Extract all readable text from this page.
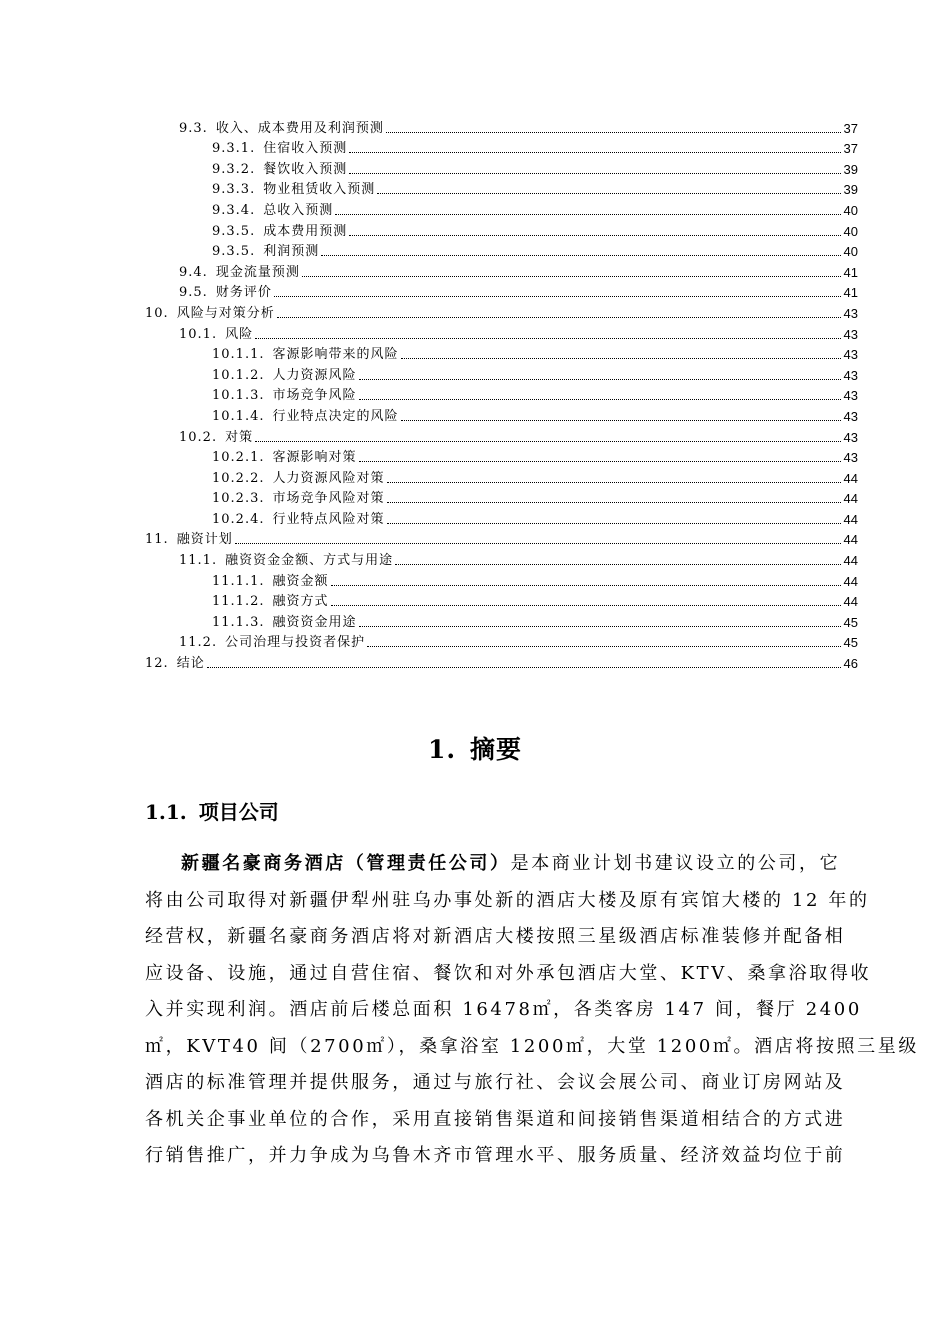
9.3. 收入、成本费用及利润预测	37
9.3.1. 住宿收入预测	37
9.3.2. 餐饮收入预测	39
9.3.3. 物业租赁收入预测	39
9.3.4. 总收入预测	40
9.3.5. 成本费用预测	40
9.3.5. 利润预测	40
9.4. 现金流量预测	41
9.5. 财务评价	41
10. 风险与对策分析	43
10.1. 风险	43
10.1.1. 客源影响带来的风险	43
10.1.2. 人力资源风险	43
10.1.3. 市场竞争风险	43
10.1.4. 行业特点决定的风险	43
10.2. 对策	43
10.2.1. 客源影响对策	43
10.2.2. 人力资源风险对策	44
10.2.3. 市场竞争风险对策	44
10.2.4. 行业特点风险对策	44
11. 融资计划	44
11.1. 融资资金金额、方式与用途	44
11.1.1. 融资金额	44
11.1.2. 融资方式	44
11.1.3. 融资资金用途	45
11.2. 公司治理与投资者保护	45
12. 结论	46
1. 摘要
1.1. 项目公司
新疆名豪商务酒店（管理责任公司）是本商业计划书建议设立的公司，它
将由公司取得对新疆伊犁州驻乌办事处新的酒店大楼及原有宾馆大楼的 12 年的
经营权，新疆名豪商务酒店将对新酒店大楼按照三星级酒店标准装修并配备相
应设备、设施，通过自营住宿、餐饮和对外承包酒店大堂、KTV、桑拿浴取得收
入并实现利润。酒店前后楼总面积 16478㎡，各类客房 147 间，餐厅 2400
㎡，KVT40 间（2700㎡），桑拿浴室 1200㎡，大堂 1200㎡。酒店将按照三星级
酒店的标准管理并提供服务，通过与旅行社、会议会展公司、商业订房网站及
各机关企事业单位的合作，采用直接销售渠道和间接销售渠道相结合的方式进
行销售推广，并力争成为乌鲁木齐市管理水平、服务质量、经济效益均位于前
